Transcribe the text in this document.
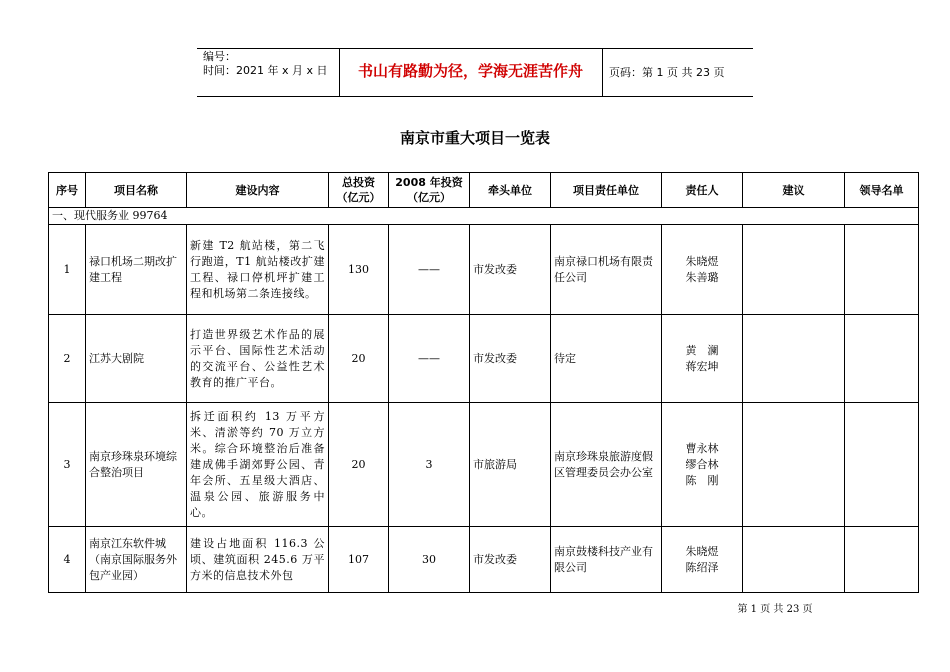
编号：
时间：2021 年 x 月 x 日	书山有路勤为径，学海无涯苦作舟	页码：第 1 页 共 23 页
南京市重大项目一览表
序号	项目名称	建设内容	总投资（亿元）	2008 年投资（亿元）	牵头单位	项目责任单位	责任人	建议	领导名单
一、现代服务业 99764									
1	禄口机场二期改扩建工程	新建 T2 航站楼，第二飞行跑道，T1 航站楼改扩建工程、禄口停机坪扩建工程和机场第二条连接线。	130	——	市发改委	南京禄口机场有限责任公司	朱晓煜
朱善璐		
2	江苏大剧院	打造世界级艺术作品的展示平台、国际性艺术活动的交流平台、公益性艺术教育的推广平台。	20	——	市发改委	待定	黄　澜
蒋宏坤		
3	南京珍珠泉环境综合整治项目	拆迁面积约 13 万平方米、清淤等约 70 万立方米。综合环境整治后准备建成佛手湖郊野公园、青年会所、五星级大酒店、温泉公园、旅游服务中心。	20	3	市旅游局	南京珍珠泉旅游度假区管理委员会办公室	曹永林
缪合林
陈　刚		
4	南京江东软件城（南京国际服务外包产业园）	建设占地面积 116.3 公顷、建筑面积 245.6 万平方米的信息技术外包	107	30	市发改委	南京鼓楼科技产业有限公司	朱晓煜
陈绍泽		
第 1 页 共 23 页
